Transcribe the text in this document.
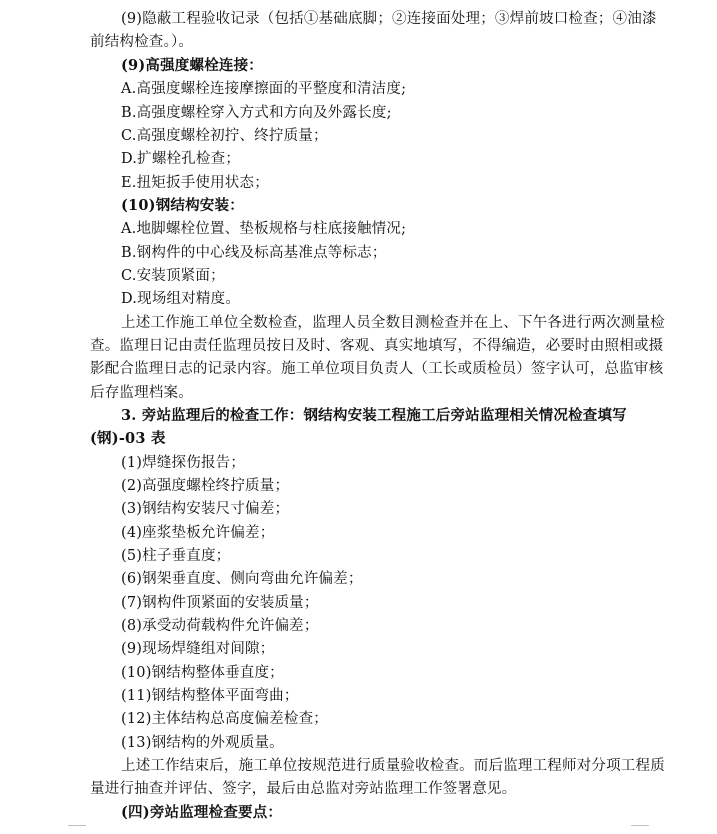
(9)隐蔽工程验收记录（包括①基础底脚；②连接面处理；③焊前坡口检查；④油漆
前结构检查。）。
(9)高强度螺栓连接：
A.高强度螺栓连接摩擦面的平整度和清洁度;
B.高强度螺栓穿入方式和方向及外露长度;
C.高强度螺栓初拧、终拧质量；
D.扩螺栓孔检查；
E.扭矩扳手使用状态；
(10)钢结构安装：
A.地脚螺栓位置、垫板规格与柱底接触情况;
B.钢构件的中心线及标高基准点等标志；
C.安装顶紧面；
D.现场组对精度。
上述工作施工单位全数检查，监理人员全数目测检查并在上、下午各进行两次测量检
查。监理日记由责任监理员按日及时、客观、真实地填写，不得编造，必要时由照相或摄
影配合监理日志的记录内容。施工单位项目负责人（工长或质检员）签字认可，总监审核
后存监理档案。
3. 旁站监理后的检查工作：钢结构安装工程施工后旁站监理相关情况检查填写
(钢)-03 表
(1)焊缝探伤报告；
(2)高强度螺栓终拧质量；
(3)钢结构安装尺寸偏差；
(4)座浆垫板允许偏差；
(5)柱子垂直度；
(6)钢架垂直度、侧向弯曲允许偏差；
(7)钢构件顶紧面的安装质量；
(8)承受动荷载构件允许偏差；
(9)现场焊缝组对间隙；
(10)钢结构整体垂直度；
(11)钢结构整体平面弯曲；
(12)主体结构总高度偏差检查；
(13)钢结构的外观质量。
上述工作结束后，施工单位按规范进行质量验收检查。而后监理工程师对分项工程质
量进行抽查并评估、签字，最后由总监对旁站监理工作签署意见。
(四)旁站监理检查要点：
